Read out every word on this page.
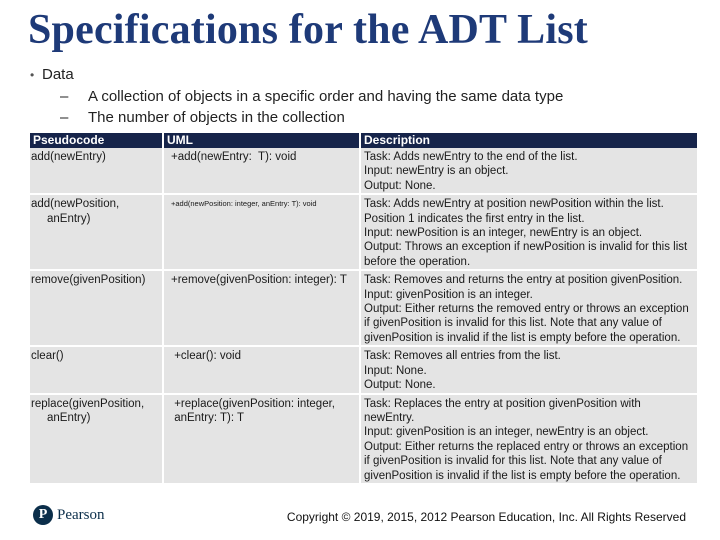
Specifications for the ADT List
• Data
– A collection of objects in a specific order and having the same data type
– The number of objects in the collection
Pseudocode	UML	Description
add(newEntry)	+add(newEntry:  T): void	Task: Adds newEntry to the end of the list.
Input: newEntry is an object.
Output: None.
add(newPosition,
anEntry)	+add(newPosition: integer, anEntry: T): void	Task: Adds newEntry at position newPosition within the list.
Position 1 indicates the first entry in the list.
Input: newPosition is an integer, newEntry is an object.
Output: Throws an exception if newPosition is invalid for this list before the operation.
remove(givenPosition)	+remove(givenPosition: integer): T	Task: Removes and returns the entry at position givenPosition.
Input: givenPosition is an integer.
Output: Either returns the removed entry or throws an exception if givenPosition is invalid for this list. Note that any value of givenPosition is invalid if the list is empty before the operation.
clear()	+clear(): void	Task: Removes all entries from the list.
Input: None.
Output: None.
replace(givenPosition,
anEntry)	+replace(givenPosition: integer,
anEntry: T): T	Task: Replaces the entry at position givenPosition with newEntry.
Input: givenPosition is an integer, newEntry is an object.
Output: Either returns the replaced entry or throws an exception if givenPosition is invalid for this list. Note that any value of givenPosition is invalid if the list is empty before the operation.
P Pearson	Copyright © 2019, 2015, 2012 Pearson Education, Inc. All Rights Reserved
